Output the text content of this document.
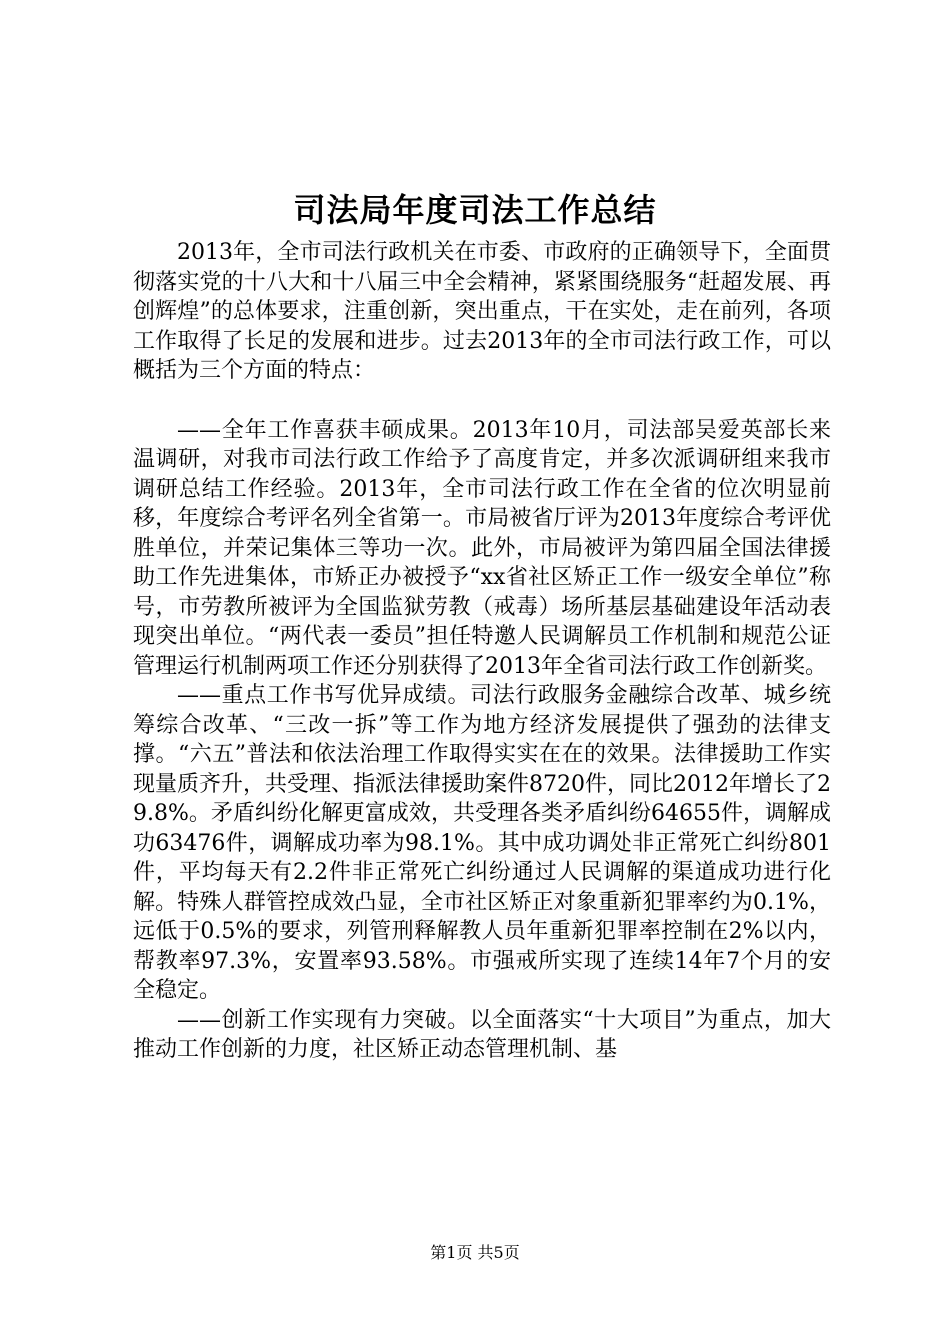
司法局年度司法工作总结

2013年，全市司法行政机关在市委、市政府的正确领导下，全面贯彻落实党的十八大和十八届三中全会精神，紧紧围绕服务“赶超发展、再创辉煌”的总体要求，注重创新，突出重点，干在实处，走在前列，各项工作取得了长足的发展和进步。过去2013年的全市司法行政工作，可以概括为三个方面的特点：

——全年工作喜获丰硕成果。2013年10月，司法部吴爱英部长来温调研，对我市司法行政工作给予了高度肯定，并多次派调研组来我市调研总结工作经验。2013年，全市司法行政工作在全省的位次明显前移，年度综合考评名列全省第一。市局被省厅评为2013年度综合考评优胜单位，并荣记集体三等功一次。此外，市局被评为第四届全国法律援助工作先进集体，市矫正办被授予“xx省社区矫正工作一级安全单位”称号，市劳教所被评为全国监狱劳教（戒毒）场所基层基础建设年活动表现突出单位。“两代表一委员”担任特邀人民调解员工作机制和规范公证管理运行机制两项工作还分别获得了2013年全省司法行政工作创新奖。

——重点工作书写优异成绩。司法行政服务金融综合改革、城乡统筹综合改革、“三改一拆”等工作为地方经济发展提供了强劲的法律支撑。“六五”普法和依法治理工作取得实实在在的效果。法律援助工作实现量质齐升，共受理、指派法律援助案件8720件，同比2012年增长了29.8%。矛盾纠纷化解更富成效，共受理各类矛盾纠纷64655件，调解成功63476件，调解成功率为98.1%。其中成功调处非正常死亡纠纷801件，平均每天有2.2件非正常死亡纠纷通过人民调解的渠道成功进行化解。特殊人群管控成效凸显，全市社区矫正对象重新犯罪率约为0.1%，远低于0.5%的要求，列管刑释解教人员年重新犯罪率控制在2%以内，帮教率97.3%，安置率93.58%。市强戒所实现了连续14年7个月的安全稳定。

——创新工作实现有力突破。以全面落实“十大项目”为重点，加大推动工作创新的力度，社区矫正动态管理机制、基

第1页 共5页
